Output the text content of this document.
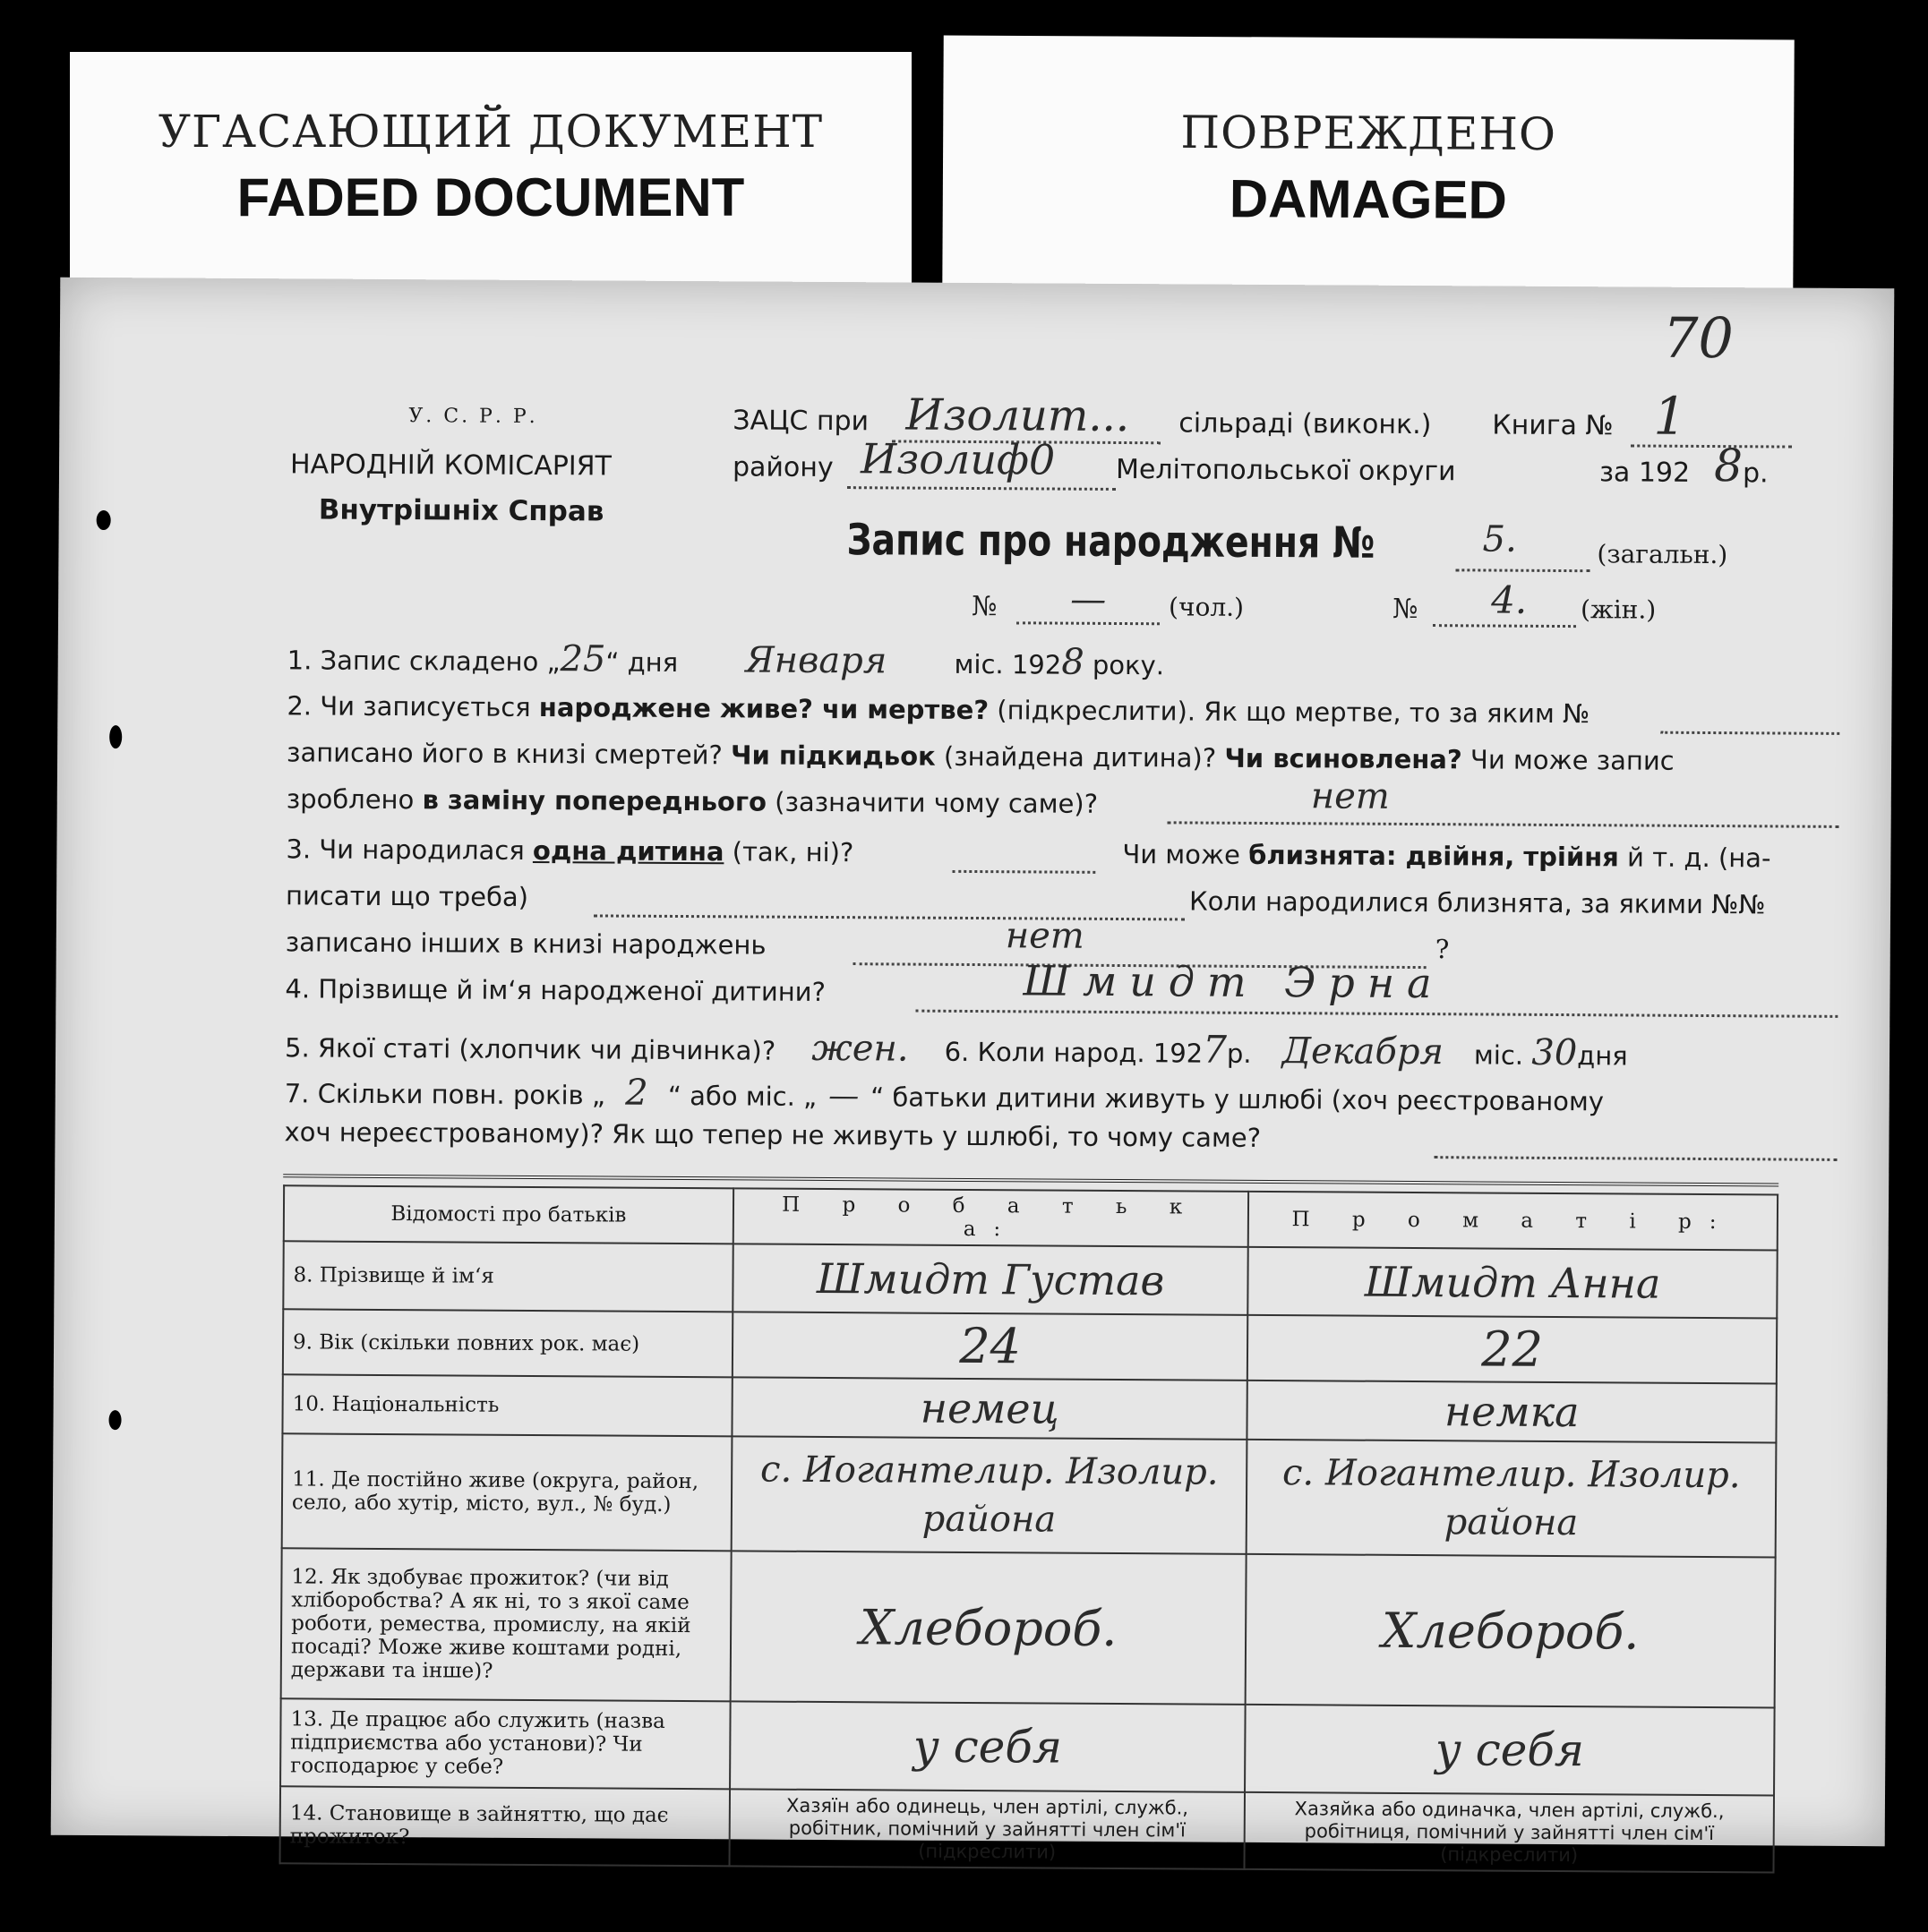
УГАСАЮЩИЙ ДОКУМЕНТ
FADED DOCUMENT
ПОВРЕЖДЕНО
DAMAGED
70
У. С. Р. Р.
НАРОДНІЙ КОМІСАРІЯТ
Внутрішніх Справ
ЗАЦС при Изолит... сільраді (виконк.) Книга № 1
району Изолиф0 Мелітопольської округи	за 192 8 р.
Запис про народження №	5.	(загальн.)
№ — (чол.)	№ 4. (жін.)
1. Запис складено „25“ дня Января	міс. 1928 року.
2. Чи записується народжене живе? чи мертве? (підкреслити). Як що мертве, то за яким №
записано його в книзі смертей? Чи підкидьок (знайдена дитина)? Чи всиновлена? Чи може запис
зроблено в заміну попереднього (зазначити чому саме)?	нет
3. Чи народилася одна дитина (так, ні)?	Чи може близнята: двійня, трійня й т. д. (на-
писати що треба)	Коли народилися близнята, за якими №№
записано інших в книзі народжень	нет	?
4. Прізвище й ім‘я народженої дитини?	Шмидт Эрна
5. Якої статі (хлопчик чи дівчинка)? жен. 6. Коли народ. 1927р. Декабря міс. 30дня
7. Скільки повн. років „ 2 “ або міс. „ — “ батьки дитини живуть у шлюбі (хоч реєстрованому
хоч нереєстрованому)? Як що тепер не живуть у шлюбі, то чому саме?
Відомості про батьків	П р о б а т ь к а:	П р о м а т і р:
8. Прізвище й ім‘я	Шмидт Густав	Шмидт Анна
9. Вік (скільки повних рок. має)	24	22
10. Національність	немец	немка
11. Де постійно живе (округа, район, село, або хутір, місто, вул., № буд.)	с. Иогантелир. Изолир. района	с. Иогантелир. Изолир. района
12. Як здобуває прожиток? (чи від хліборобства? А як ні, то з якої саме роботи, ремества, промислу, на якій посаді? Може живе коштами родні, держави та інше)?	Хлебороб.	Хлебороб.
13. Де працює або служить (назва підприємства або установи)? Чи господарює у себе?	у себя	у себя
14. Становище в зайняттю, що дає прожиток?	Хазяїн або одинець, член артілі, служб., робітник, помічний у зайнятті член сім'ї (підкреслити)	Хазяйка або одиначка, член артілі, служб., робітниця, помічний у зайнятті член сім'ї (підкреслити)
